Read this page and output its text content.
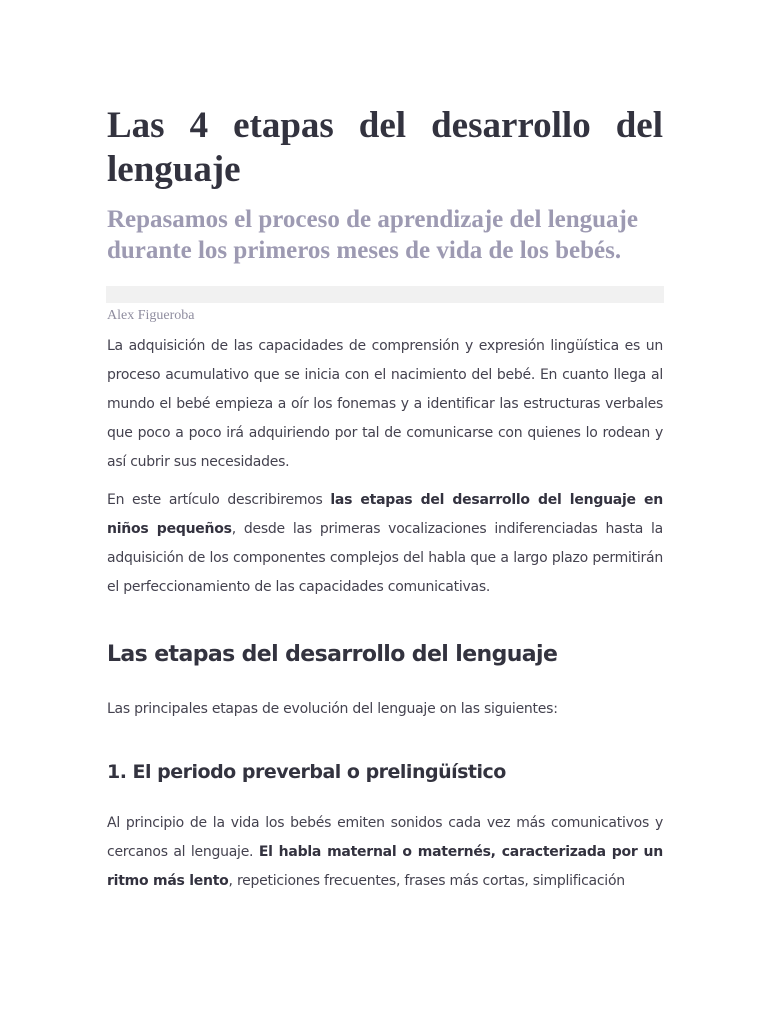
Las 4 etapas del desarrollo del lenguaje
Repasamos el proceso de aprendizaje del lenguaje durante los primeros meses de vida de los bebés.
Alex Figueroba

La adquisición de las capacidades de comprensión y expresión lingüística es un proceso acumulativo que se inicia con el nacimiento del bebé. En cuanto llega al mundo el bebé empieza a oír los fonemas y a identificar las estructuras verbales que poco a poco irá adquiriendo por tal de comunicarse con quienes lo rodean y así cubrir sus necesidades.

En este artículo describiremos las etapas del desarrollo del lenguaje en niños pequeños, desde las primeras vocalizaciones indiferenciadas hasta la adquisición de los componentes complejos del habla que a largo plazo permitirán el perfeccionamiento de las capacidades comunicativas.

Las etapas del desarrollo del lenguaje

Las principales etapas de evolución del lenguaje on las siguientes:

1. El periodo preverbal o prelingüístico

Al principio de la vida los bebés emiten sonidos cada vez más comunicativos y cercanos al lenguaje. El habla maternal o maternés, caracterizada por un ritmo más lento, repeticiones frecuentes, frases más cortas, simplificación
